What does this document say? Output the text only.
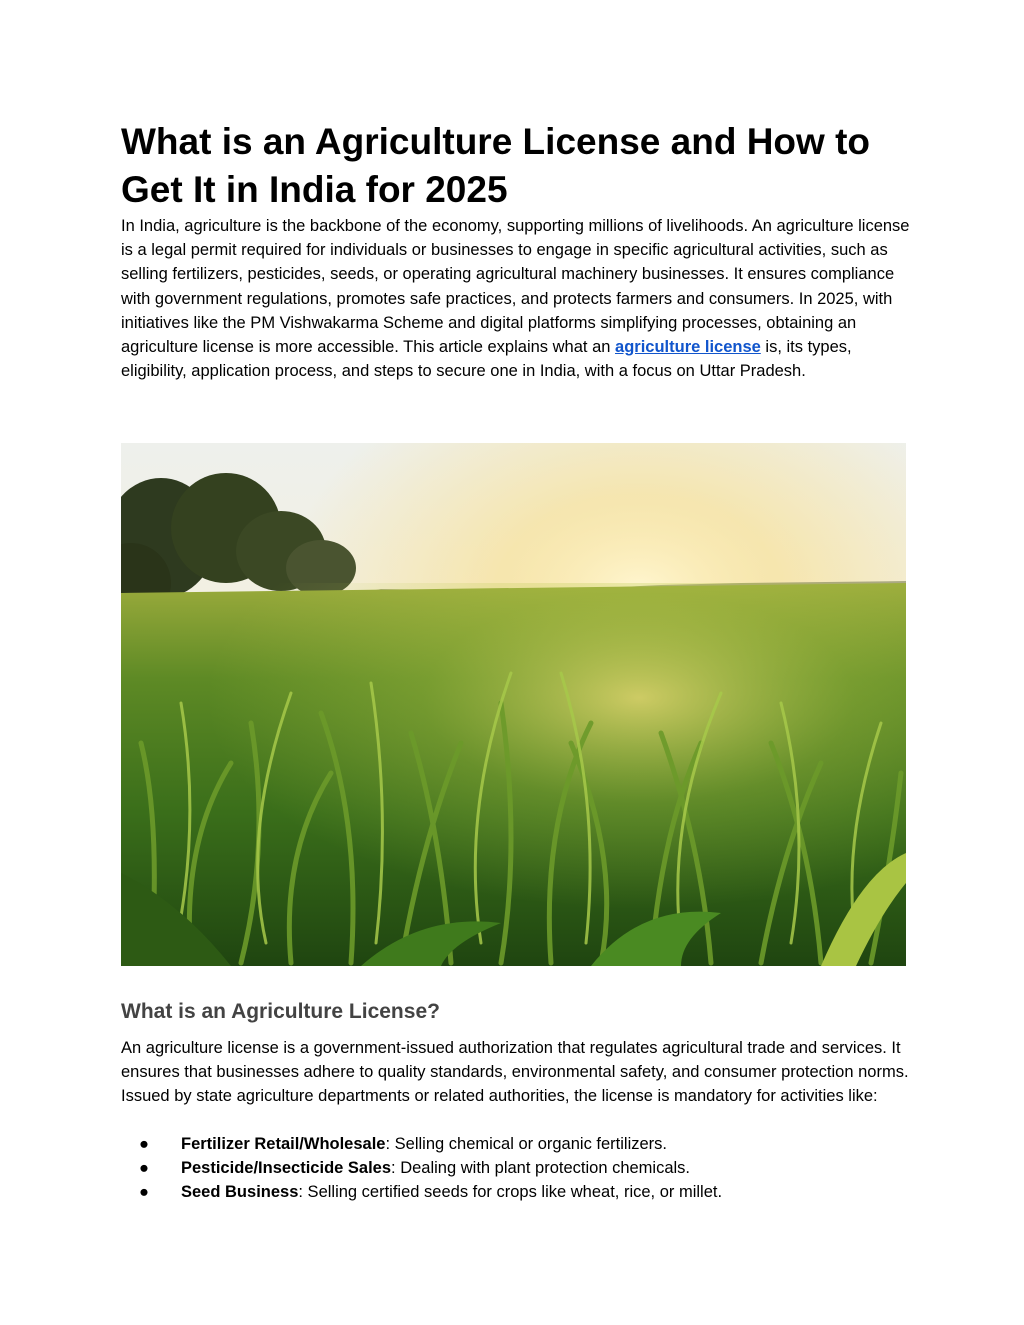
What is an Agriculture License and How to Get It in India for 2025

In India, agriculture is the backbone of the economy, supporting millions of livelihoods. An agriculture license is a legal permit required for individuals or businesses to engage in specific agricultural activities, such as selling fertilizers, pesticides, seeds, or operating agricultural machinery businesses. It ensures compliance with government regulations, promotes safe practices, and protects farmers and consumers. In 2025, with initiatives like the PM Vishwakarma Scheme and digital platforms simplifying processes, obtaining an agriculture license is more accessible. This article explains what an agriculture license is, its types, eligibility, application process, and steps to secure one in India, with a focus on Uttar Pradesh.

What is an Agriculture License?

An agriculture license is a government-issued authorization that regulates agricultural trade and services. It ensures that businesses adhere to quality standards, environmental safety, and consumer protection norms. Issued by state agriculture departments or related authorities, the license is mandatory for activities like:

● Fertilizer Retail/Wholesale: Selling chemical or organic fertilizers.
● Pesticide/Insecticide Sales: Dealing with plant protection chemicals.
● Seed Business: Selling certified seeds for crops like wheat, rice, or millet.
